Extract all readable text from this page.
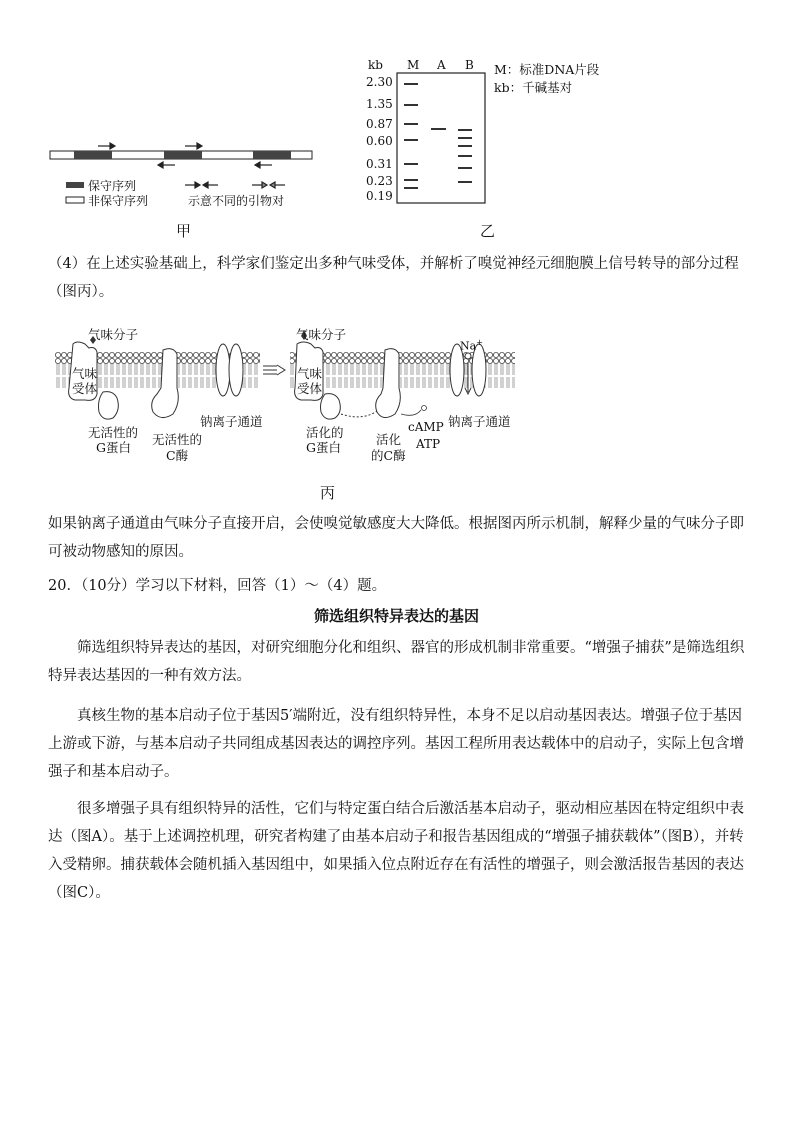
保守序列
非保守序列	示意不同的引物对
甲
kb M A B M：标准DNA片段
kb：千碱基对
2.30
1.35
0.87
0.60
0.31
0.23
0.19
乙
（4）在上述实验基础上，科学家们鉴定出多种气味受体，并解析了嗅觉神经元细胞膜上信号转导的部分过程（图丙）。
气味分子
气味
受体
无活性的
G蛋白
无活性的
C酶
钠离子通道
气味分子
气味
受体
活化的
G蛋白
活化
的C酶
cAMP
ATP
Na+
钠离子通道
丙
如果钠离子通道由气味分子直接开启，会使嗅觉敏感度大大降低。根据图丙所示机制，解释少量的气味分子即可被动物感知的原因。
20．（10分）学习以下材料，回答（1）～（4）题。
筛选组织特异表达的基因
筛选组织特异表达的基因，对研究细胞分化和组织、器官的形成机制非常重要。“增强子捕获”是筛选组织特异表达基因的一种有效方法。
真核生物的基本启动子位于基因5′端附近，没有组织特异性，本身不足以启动基因表达。增强子位于基因上游或下游，与基本启动子共同组成基因表达的调控序列。基因工程所用表达载体中的启动子，实际上包含增强子和基本启动子。
很多增强子具有组织特异的活性，它们与特定蛋白结合后激活基本启动子，驱动相应基因在特定组织中表达（图A）。基于上述调控机理，研究者构建了由基本启动子和报告基因组成的“增强子捕获载体”（图B），并转入受精卵。捕获载体会随机插入基因组中，如果插入位点附近存在有活性的增强子，则会激活报告基因的表达（图C）。
